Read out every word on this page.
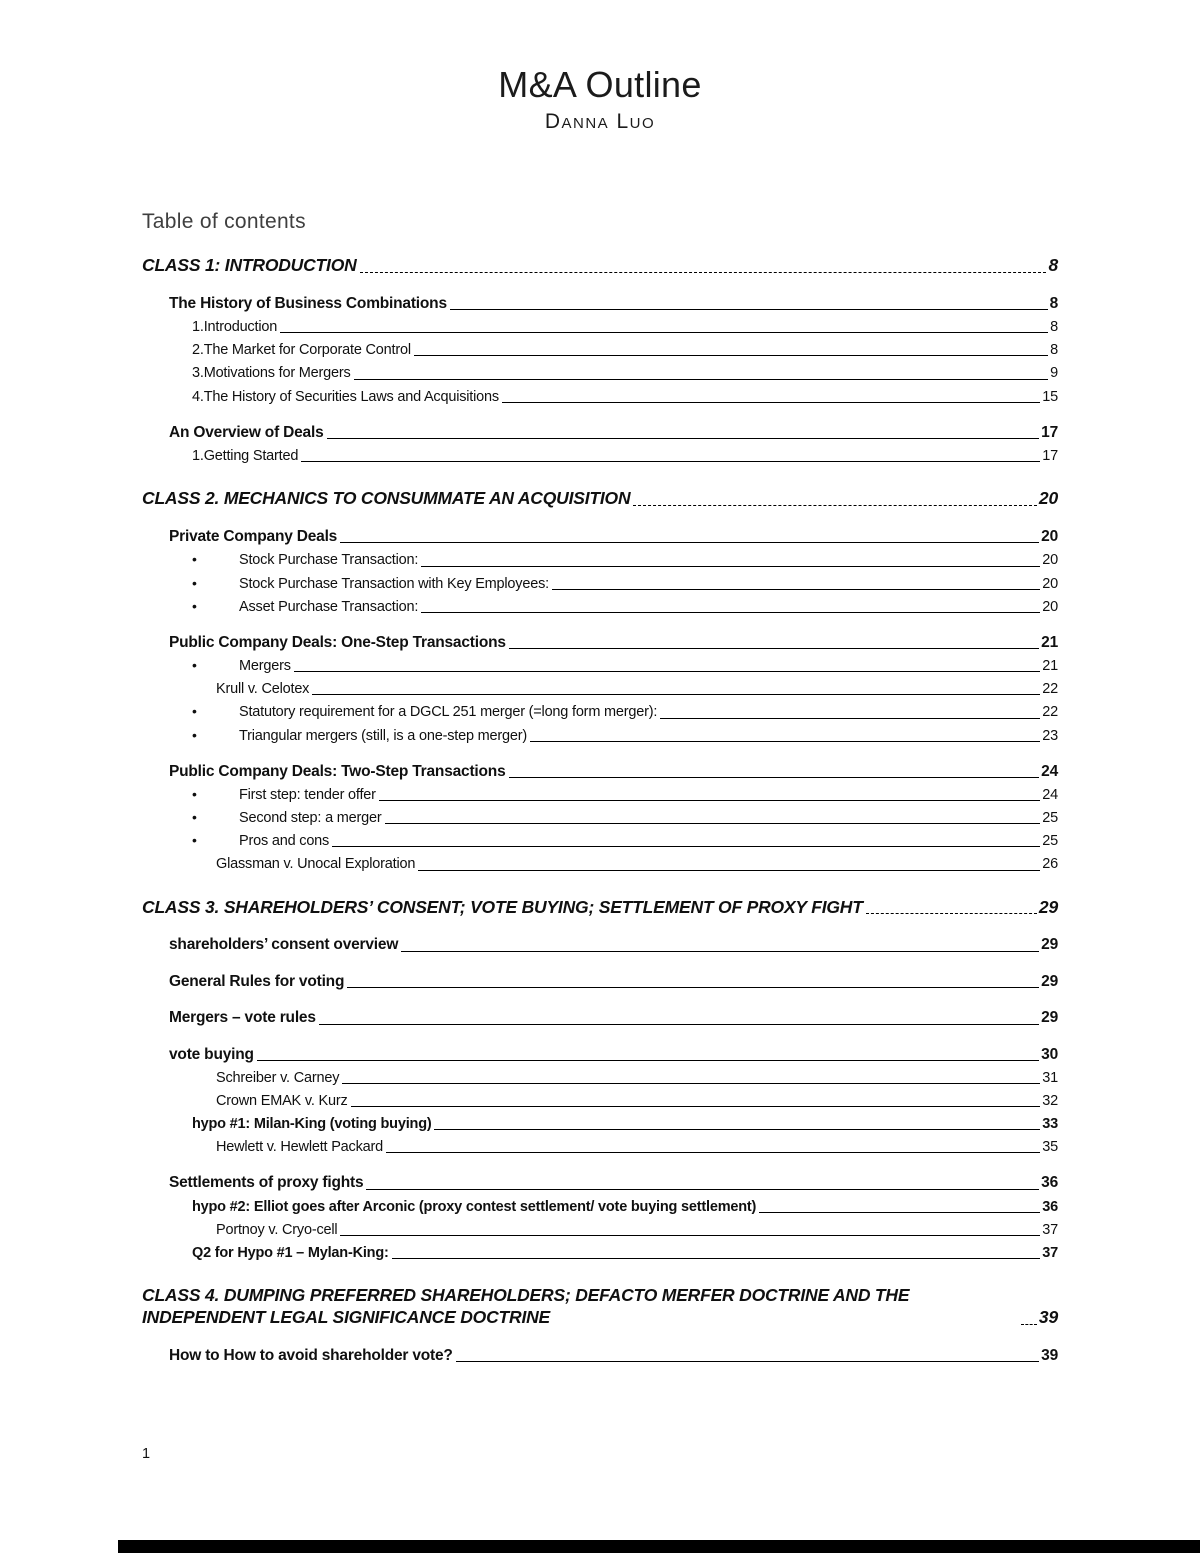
M&A Outline
Danna Luo
Table of contents
CLASS 1: INTRODUCTION	8
The History of Business Combinations	8
1.Introduction	8
2.The Market for Corporate Control	8
3.Motivations for Mergers	9
4.The History of Securities Laws and Acquisitions	15
An Overview of Deals	17
1.Getting Started	17
CLASS 2. MECHANICS TO CONSUMMATE AN ACQUISITION	20
Private Company Deals	20
•
Stock Purchase Transaction:	20
•
Stock Purchase Transaction with Key Employees:	20
•
Asset Purchase Transaction:	20
Public Company Deals: One-Step Transactions	21
•
Mergers	21
Krull v. Celotex	22
•
Statutory requirement for a DGCL 251 merger (=long form merger):	22
•
Triangular mergers (still, is a one-step merger)	23
Public Company Deals: Two-Step Transactions	24
•
First step: tender offer	24
•
Second step: a merger	25
•
Pros and cons	25
Glassman v. Unocal Exploration	26
CLASS 3. SHAREHOLDERS’ CONSENT; VOTE BUYING; SETTLEMENT OF PROXY FIGHT	29
shareholders’ consent overview	29
General Rules for voting	29
Mergers – vote rules	29
vote buying	30
Schreiber v. Carney	31
Crown EMAK v. Kurz	32
hypo #1: Milan-King (voting buying)	33
Hewlett v. Hewlett Packard	35
Settlements of proxy fights	36
hypo #2: Elliot goes after Arconic (proxy contest settlement/ vote buying settlement)	36
Portnoy v. Cryo-cell	37
Q2 for Hypo #1 – Mylan-King:	37
CLASS 4. DUMPING PREFERRED SHAREHOLDERS; DEFACTO MERFER DOCTRINE AND THE INDEPENDENT LEGAL SIGNIFICANCE DOCTRINE	39
How to How to avoid shareholder vote?	39
1
